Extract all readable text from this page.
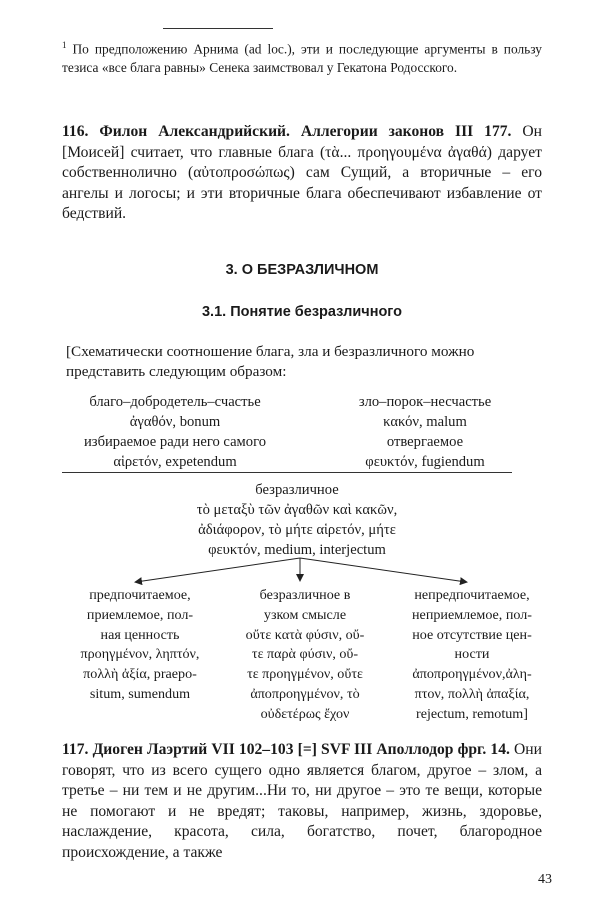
$^1$ По предположению Арнима (ad loc.), эти и последующие аргументы в пользу тезиса «все блага равны» Сенека заимствовал у Гекатона Родосского.
116. Филон Александрийский. Аллегории законов III 177. Он [Моисей] считает, что главные блага (τὰ... προηγουμένα ἀγαθά) дарует собственнолично (αὐτοπροσώπως) сам Сущий, а вторичные – его ангелы и логосы; и эти вторичные блага обеспечивают избавление от бедствий.
3. О БЕЗРАЗЛИЧНОМ
3.1. Понятие безразличного
[Схематически соотношение блага, зла и безразличного можно представить следующим образом:
благо–добродетель–счастье
ἀγαθόν, bonum
избираемое ради него самого
αἱρετόν, expetendum
зло–порок–несчастье
κακόν, malum
отвергаемое
φευκτόν, fugiendum
безразличное
τὸ μεταξὺ τῶν ἀγαθῶν καὶ κακῶν,
ἀδιάφορον, τὸ μήτε αἱρετόν, μήτε
φευκτόν, medium, interjectum
предпочитаемое,
приемлемое, пол-
ная ценность
προηγμένον, ληπτόν,
πολλὴ ἀξία, praepo-
situm, sumendum
безразличное в
узком смысле
οὔτε κατὰ φύσιν, οὔ-
τε παρὰ φύσιν, οὔ-
τε προηγμένον, οὔτε
ἀποπροηγμένον, τὸ
οὐδετέρως ἔχον
непредпочитаемое,
неприемлемое, пол-
ное отсутствие цен-
ности
ἀποπροηγμένον,ἀλη-
πτον, πολλὴ ἀπαξία,
rejectum, remotum]
117. Диоген Лаэртий VII 102–103 [=] SVF III Аполлодор фрг. 14. Они говорят, что из всего сущего одно является благом, другое – злом, а третье – ни тем и не другим...Ни то, ни другое – это те вещи, которые не помогают и не вредят; таковы, например, жизнь, здоровье, наслаждение, красота, сила, богатство, почет, благородное происхождение, а также
43
